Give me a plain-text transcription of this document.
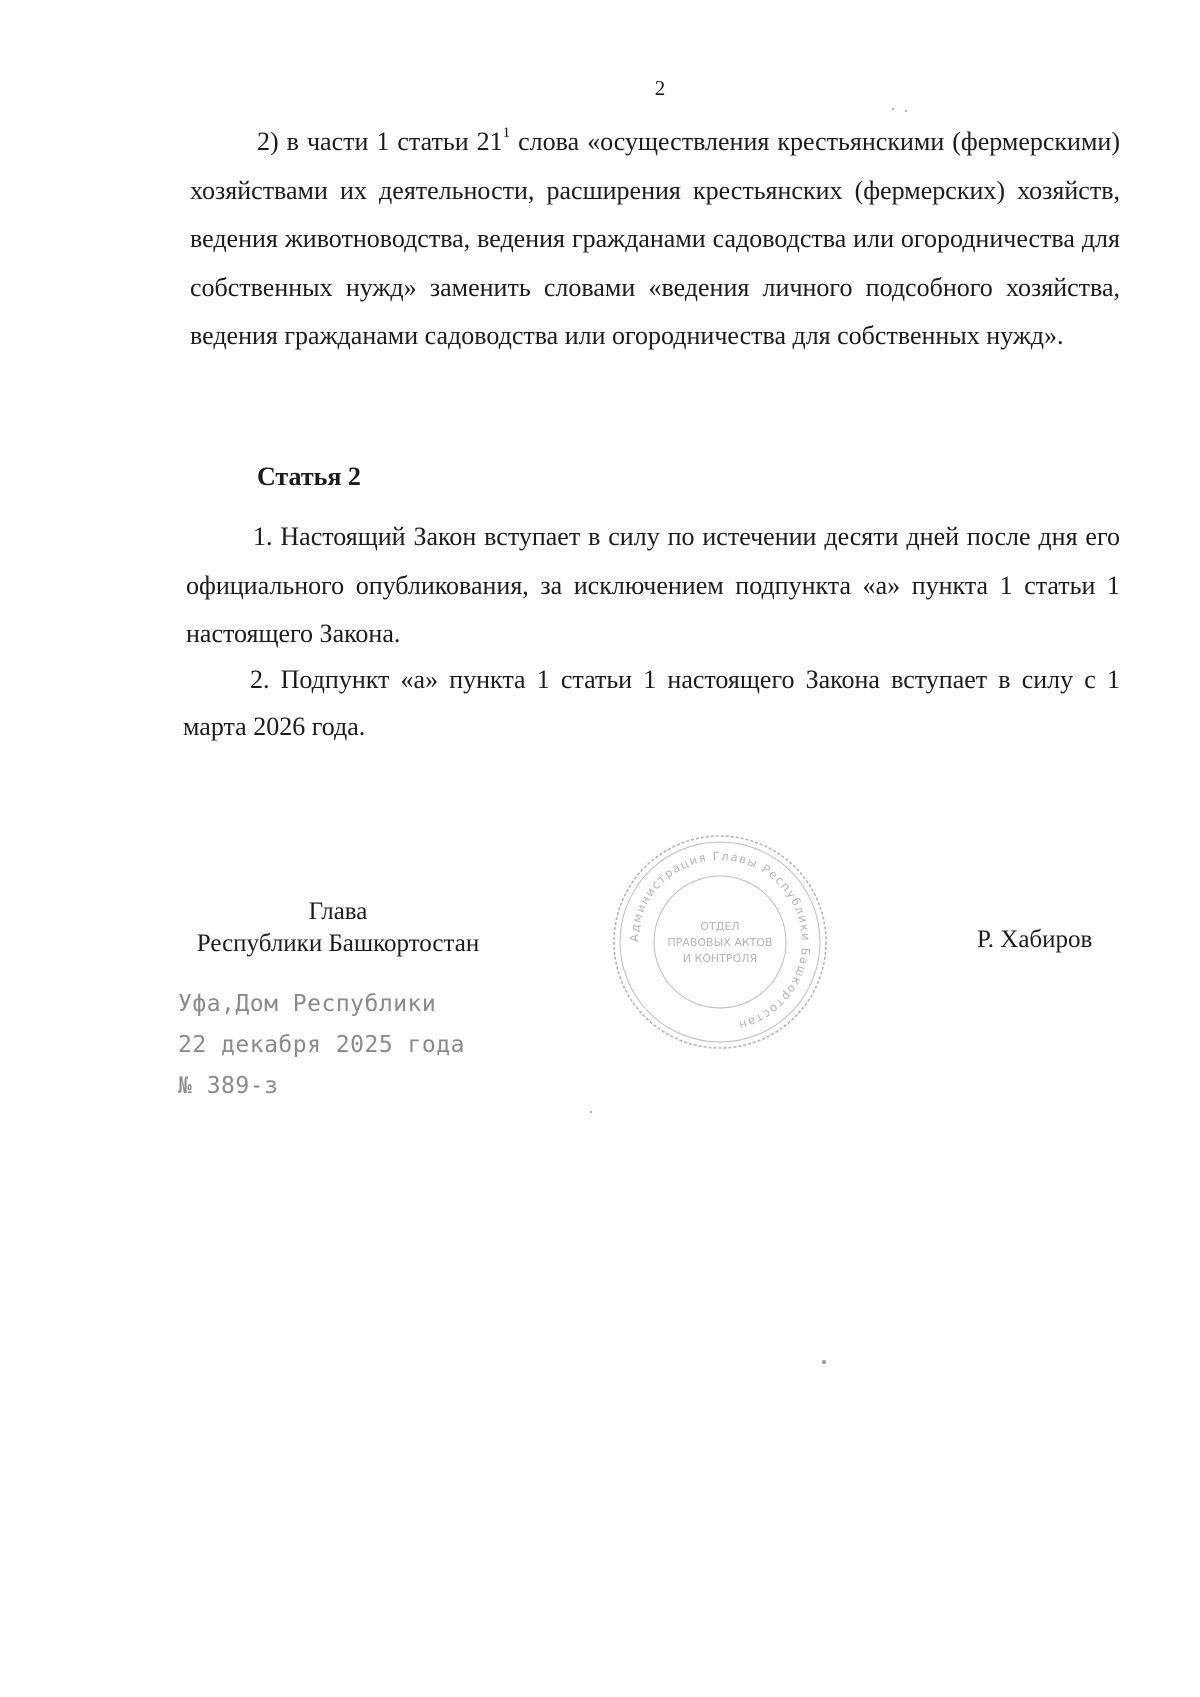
2

2) в части 1 статьи $21^1$ слова «осуществления крестьянскими (фермерскими) хозяйствами их деятельности, расширения крестьянских (фермерских) хозяйств, ведения животноводства, ведения гражданами садоводства или огородничества для собственных нужд» заменить словами «ведения личного подсобного хозяйства, ведения гражданами садоводства или огородничества для собственных нужд».

Статья 2

1. Настоящий Закон вступает в силу по истечении десяти дней после дня его официального опубликования, за исключением подпункта «а» пункта 1 статьи 1 настоящего Закона.

2. Подпункт «а» пункта 1 статьи 1 настоящего Закона вступает в силу с 1 марта 2026 года.

Глава
Республики Башкортостан	Р. Хабиров
Уфа,Дом Республики
22 декабря 2025 года
№ 389-з
Администрация Главы Республики Башкортостан
ОТДЕЛ
ПРАВОВЫХ АКТОВ
И КОНТРОЛЯ
